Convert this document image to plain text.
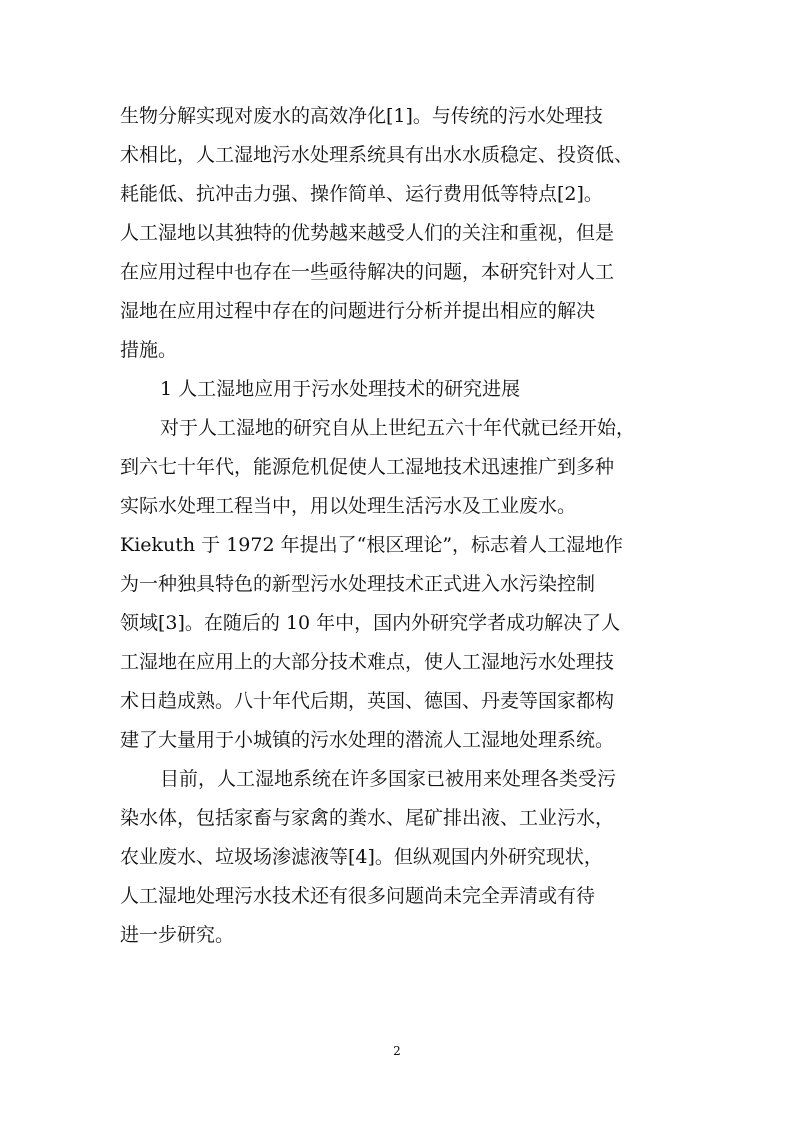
生物分解实现对废水的高效净化[1]。与传统的污水处理技
术相比，人工湿地污水处理系统具有出水水质稳定、投资低、
耗能低、抗冲击力强、操作简单、运行费用低等特点[2]。
人工湿地以其独特的优势越来越受人们的关注和重视，但是
在应用过程中也存在一些亟待解决的问题，本研究针对人工
湿地在应用过程中存在的问题进行分析并提出相应的解决
措施。
1 人工湿地应用于污水处理技术的研究进展
对于人工湿地的研究自从上世纪五六十年代就已经开始，
到六七十年代，能源危机促使人工湿地技术迅速推广到多种
实际水处理工程当中，用以处理生活污水及工业废水。
Kiekuth 于 1972 年提出了“根区理论”，标志着人工湿地作
为一种独具特色的新型污水处理技术正式进入水污染控制
领域[3]。在随后的 10 年中，国内外研究学者成功解决了人
工湿地在应用上的大部分技术难点，使人工湿地污水处理技
术日趋成熟。八十年代后期，英国、德国、丹麦等国家都构
建了大量用于小城镇的污水处理的潜流人工湿地处理系统。
目前，人工湿地系统在许多国家已被用来处理各类受污
染水体，包括家畜与家禽的粪水、尾矿排出液、工业污水，
农业废水、垃圾场渗滤液等[4]。但纵观国内外研究现状，
人工湿地处理污水技术还有很多问题尚未完全弄清或有待
进一步研究。
2
